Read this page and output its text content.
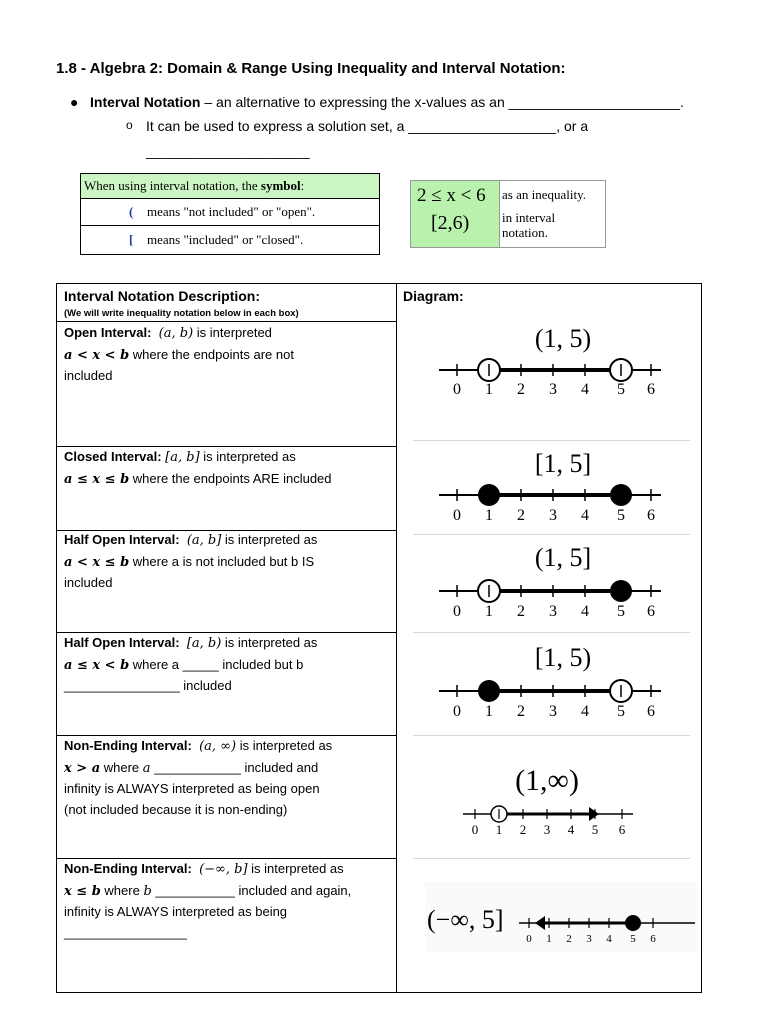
1.8 - Algebra 2: Domain & Range Using Inequality and Interval Notation:
● Interval Notation – an alternative to expressing the x-values as an ______________________.
o It can be used to express a solution set, a ___________________, or a
_____________________
When using interval notation, the symbol:
( means "not included" or "open".
[ means "included" or "closed".
2 ≤ x < 6
[2,6)
as an inequality.
in interval
notation.
Interval Notation Description:
(We will write inequality notation below in each box)
Diagram:
Open Interval: (a, b) is interpreted
a < x < b where the endpoints are not
included
Closed Interval: [a, b] is interpreted as
a ≤ x ≤ b where the endpoints ARE included
Half Open Interval: (a, b] is interpreted as
a < x ≤ b where a is not included but b IS
included
Half Open Interval: [a, b) is interpreted as
a ≤ x < b where a _____ included but b
________________ included
Non-Ending Interval: (a, ∞) is interpreted as
x > a where a ____________ included and
infinity is ALWAYS interpreted as being open
(not included because it is non-ending)
Non-Ending Interval: (−∞, b] is interpreted as
x ≤ b where b ___________ included and again,
infinity is ALWAYS interpreted as being
_________________
(1, 5)
0 1 2 3 4 5 6
[1, 5]
0 1 2 3 4 5 6
(1, 5]
0 1 2 3 4 5 6
[1, 5)
0 1 2 3 4 5 6
(1,∞)
0 1 2 3 4 5 6
(−∞, 5]
0 1 2 3 4 5 6
